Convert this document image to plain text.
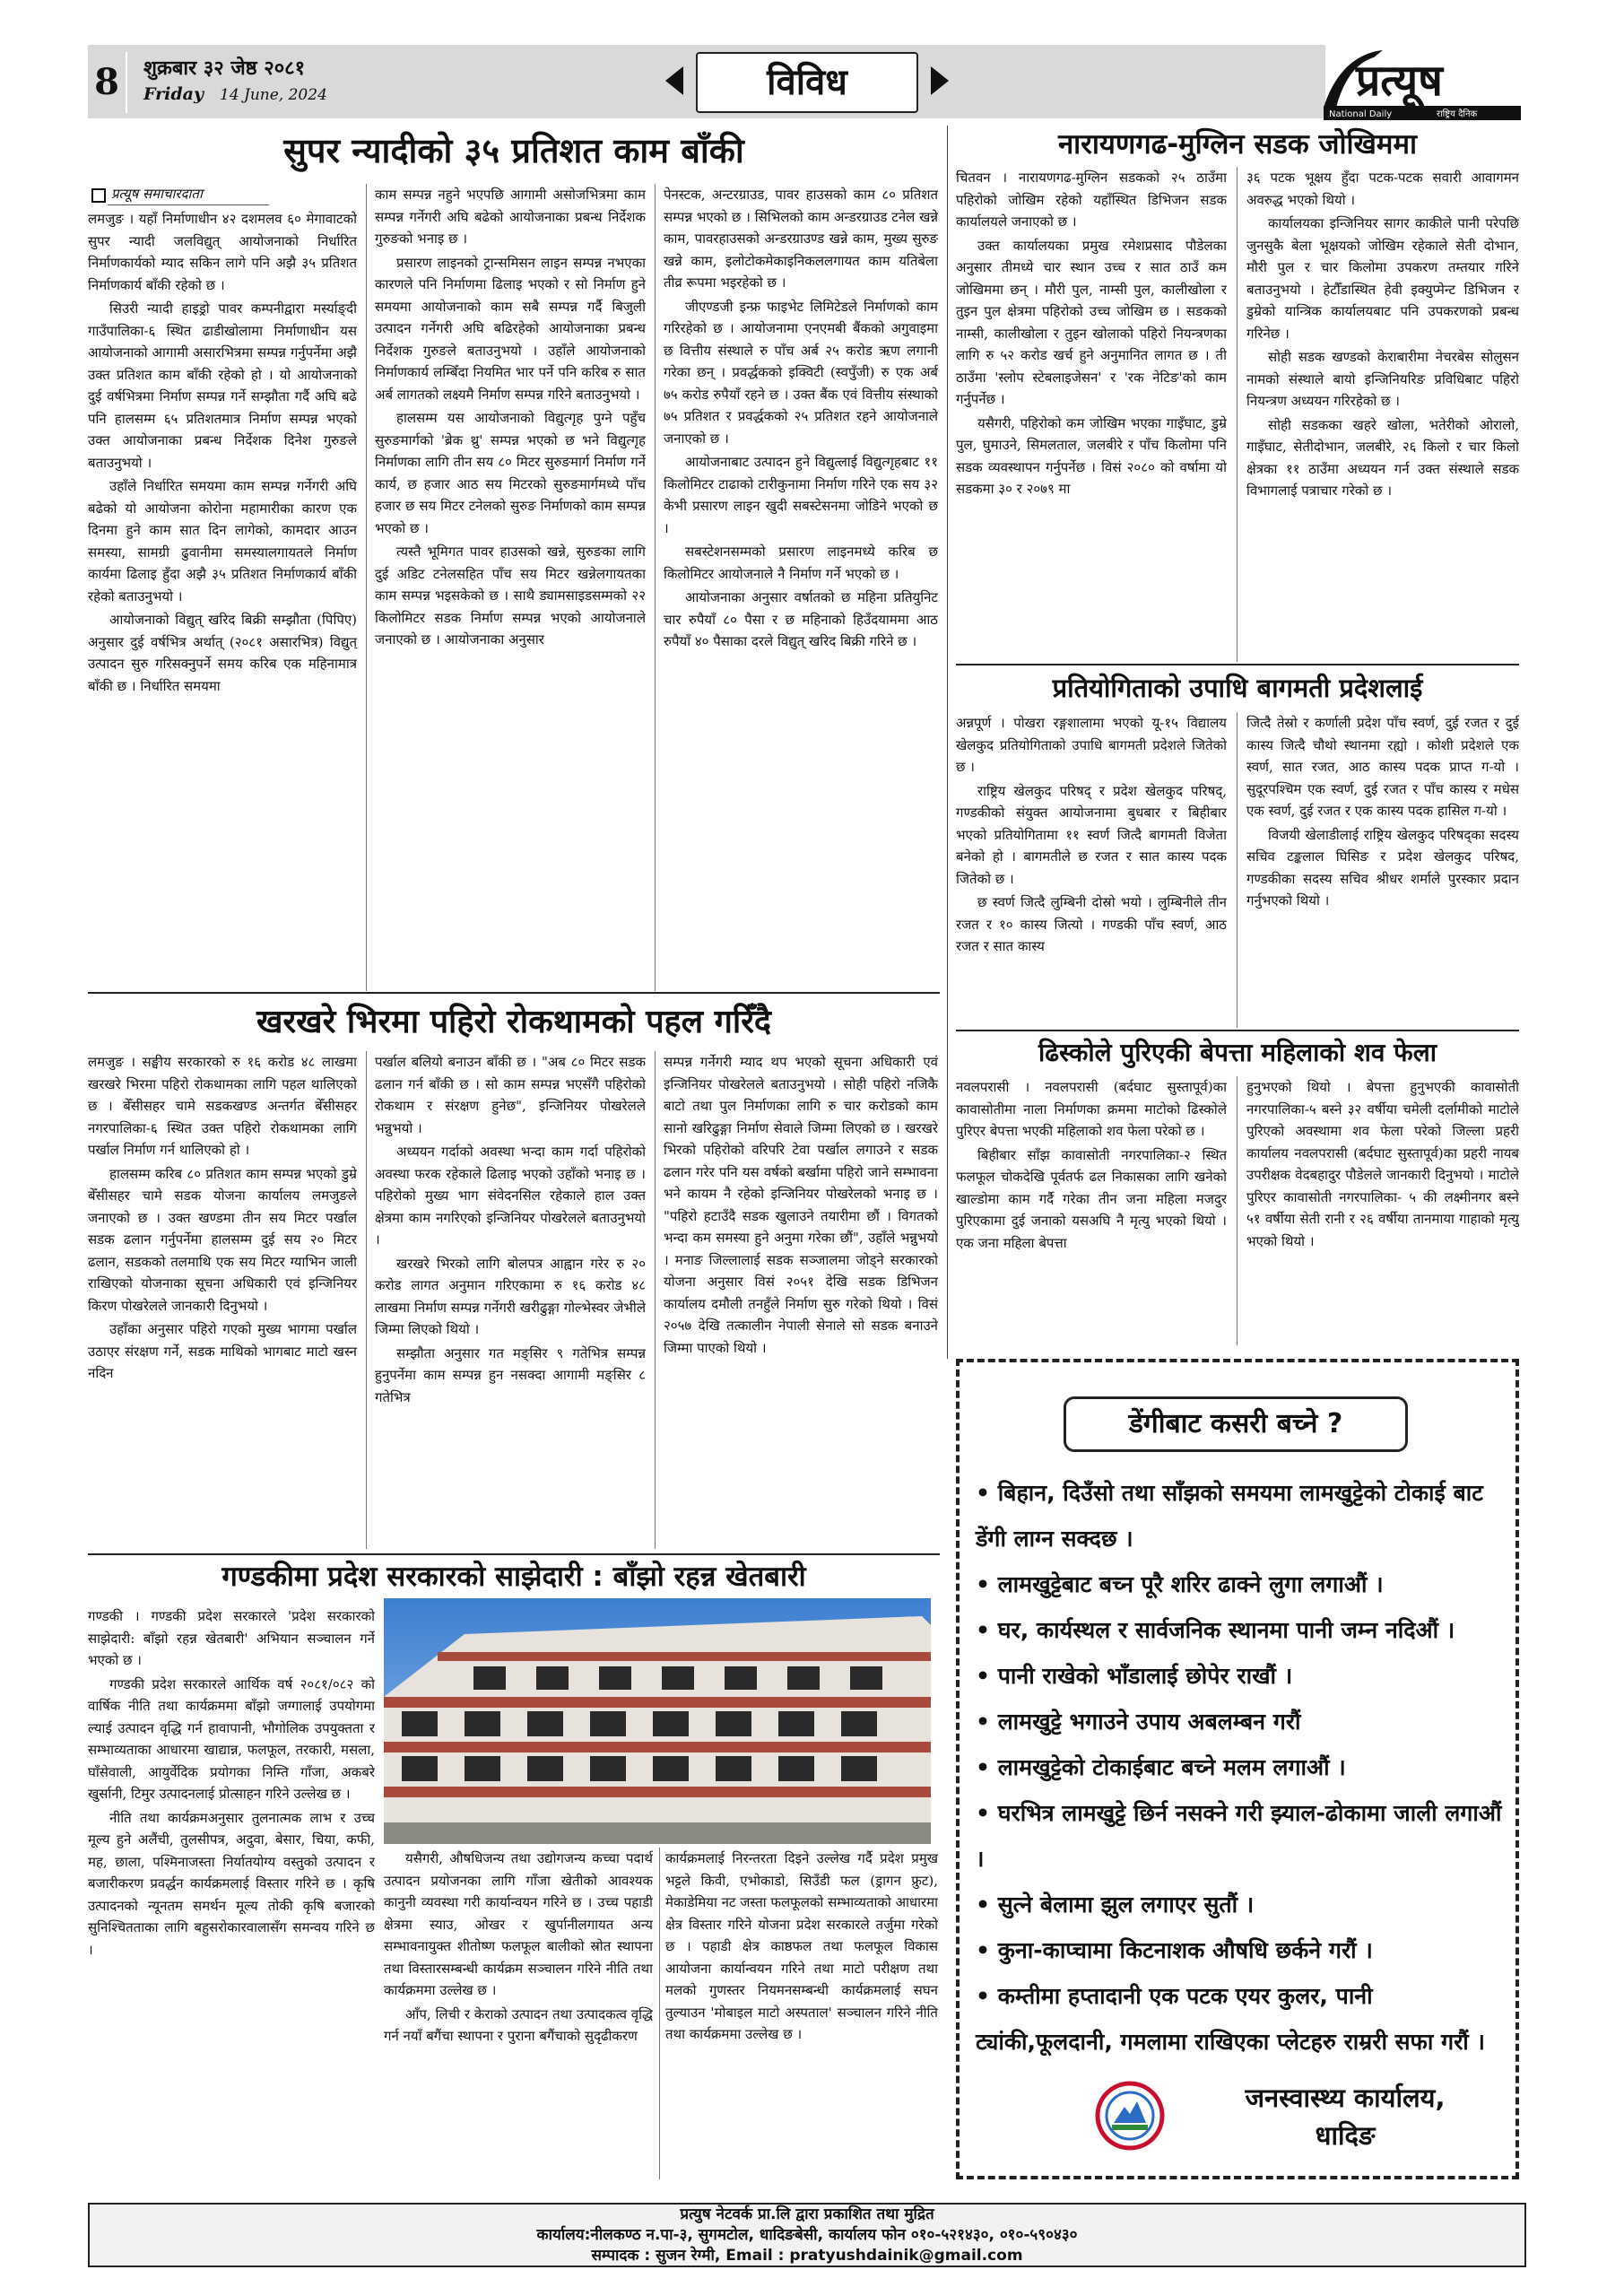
8	शुक्रबार ३२ जेष्ठ २०८१
Friday 14 June, 2024	विविध	प्रत्यूष
National Daily	राष्ट्रिय दैनिक
सुपर न्यादीको ३५ प्रतिशत काम बाँकी
प्रत्यूष समाचारदाता

लमजुङ । यहाँ निर्माणाधीन ४२ दशमलव ६० मेगावाटको सुपर न्यादी जलविद्युत् आयोजनाको निर्धारित निर्माणकार्यको म्याद सकिन लागे पनि अझै ३५ प्रतिशत निर्माणकार्य बाँकी रहेको छ ।

सिउरी न्यादी हाइड्रो पावर कम्पनीद्वारा मर्स्याङ्दी गाउँपालिका-६ स्थित ढाडीखोलामा निर्माणाधीन यस आयोजनाको आगामी असारभित्रमा सम्पन्न गर्नुपर्नेमा अझै उक्त प्रतिशत काम बाँकी रहेको हो । यो आयोजनाको दुई वर्षभित्रमा निर्माण सम्पन्न गर्ने सम्झौता गर्दै अघि बढे पनि हालसम्म ६५ प्रतिशतमात्र निर्माण सम्पन्न भएको उक्त आयोजनाका प्रबन्ध निर्देशक दिनेश गुरुङले बताउनुभयो ।

उहाँले निर्धारित समयमा काम सम्पन्न गर्नेगरी अघि बढेको यो आयोजना कोरोना महामारीका कारण एक दिनमा हुने काम सात दिन लागेको, कामदार आउन समस्या, सामग्री ढुवानीमा समस्यालगायतले निर्माण कार्यमा ढिलाइ हुँदा अझै ३५ प्रतिशत निर्माणकार्य बाँकी रहेको बताउनुभयो ।

आयोजनाको विद्युत् खरिद बिक्री सम्झौता (पिपिए) अनुसार दुई वर्षभित्र अर्थात् (२०८१ असारभित्र) विद्युत् उत्पादन सुरु गरिसक्नुपर्ने समय करिब एक महिनामात्र बाँकी छ । निर्धारित समयमा

काम सम्पन्न नहुने भएपछि आगामी असोजभित्रमा काम सम्पन्न गर्नेगरी अघि बढेको आयोजनाका प्रबन्ध निर्देशक गुरुङको भनाइ छ ।

प्रसारण लाइनको ट्रान्समिसन लाइन सम्पन्न नभएका कारणले पनि निर्माणमा ढिलाइ भएको र सो निर्माण हुने समयमा आयोजनाको काम सबै सम्पन्न गर्दै बिजुली उत्पादन गर्नेगरी अघि बढिरहेको आयोजनाका प्रबन्ध निर्देशक गुरुङले बताउनुभयो । उहाँले आयोजनाको निर्माणकार्य लम्बिँदा नियमित भार पर्ने पनि करिब रु सात अर्ब लागतको लक्ष्यमै निर्माण सम्पन्न गरिने बताउनुभयो ।

हालसम्म यस आयोजनाको विद्युत्गृह पुग्ने पहुँच सुरुङमार्गको 'ब्रेक थ्रु' सम्पन्न भएको छ भने विद्युत्गृह निर्माणका लागि तीन सय ८० मिटर सुरुङमार्ग निर्माण गर्ने कार्य, छ हजार आठ सय मिटरको सुरुङमार्गमध्ये पाँच हजार छ सय मिटर टनेलको सुरुङ निर्माणको काम सम्पन्न भएको छ ।

त्यस्तै भूमिगत पावर हाउसको खन्ने, सुरुङका लागि दुई अडिट टनेलसहित पाँच सय मिटर खन्नेलगायतका काम सम्पन्न भइसकेको छ । साथै ड्यामसाइडसम्मको २२ किलोमिटर सडक निर्माण सम्पन्न भएको आयोजनाले जनाएको छ । आयोजनाका अनुसार

पेनस्टक, अन्टरग्राउड, पावर हाउसको काम ८० प्रतिशत सम्पन्न भएको छ । सिभिलको काम अन्डरग्राउड टनेल खन्ने काम, पावरहाउसको अन्डरग्राउण्ड खन्ने काम, मुख्य सुरुङ खन्ने काम, इलोटोकमेकाइनिकललगायत काम यतिबेला तीव्र रूपमा भइरहेको छ ।

जीएण्डजी इन्फ्र फाइभेट लिमिटेडले निर्माणको काम गरिरहेको छ । आयोजनामा एनएमबी बैंकको अगुवाइमा छ वित्तीय संस्थाले रु पाँच अर्ब २५ करोड ऋण लगानी गरेका छन् । प्रवर्द्धकको इक्विटी (स्वपुँजी) रु एक अर्ब ७५ करोड रुपैयाँ रहने छ । उक्त बैंक एवं वित्तीय संस्थाको ७५ प्रतिशत र प्रवर्द्धकको २५ प्रतिशत रहने आयोजनाले जनाएको छ ।

आयोजनाबाट उत्पादन हुने विद्युत्लाई विद्युत्गृहबाट ११ किलोमिटर टाढाको टारीकुनामा निर्माण गरिने एक सय ३२ केभी प्रसारण लाइन खुदी सबस्टेसनमा जोडिने भएको छ ।

सबस्टेशनसम्मको प्रसारण लाइनमध्ये करिब छ किलोमिटर आयोजनाले नै निर्माण गर्ने भएको छ ।

आयोजनाका अनुसार वर्षातको छ महिना प्रतियुनिट चार रुपैयाँ ८० पैसा र छ महिनाको हिउँदयाममा आठ रुपैयाँ ४० पैसाका दरले विद्युत् खरिद बिक्री गरिने छ ।

खरखरे भिरमा पहिरो रोकथामको पहल गरिँदै

लमजुङ । सङ्घीय सरकारको रु १६ करोड ४८ लाखमा खरखरे भिरमा पहिरो रोकथामका लागि पहल थालिएको छ । बेँसीसहर चामे सडकखण्ड अन्तर्गत बेँसीसहर नगरपालिका-६ स्थित उक्त पहिरो रोकथामका लागि पर्खाल निर्माण गर्न थालिएको हो ।

हालसम्म करिब ८० प्रतिशत काम सम्पन्न भएको डुम्रे बेँसीसहर चामे सडक योजना कार्यालय लमजुङले जनाएको छ । उक्त खण्डमा तीन सय मिटर पर्खाल सडक ढलान गर्नुपर्नेमा हालसम्म दुई सय २० मिटर ढलान, सडकको तलमाथि एक सय मिटर ग्याभिन जाली राखिएको योजनाका सूचना अधिकारी एवं इन्जिनियर किरण पोखरेलले जानकारी दिनुभयो ।

उहाँका अनुसार पहिरो गएको मुख्य भागमा पर्खाल उठाएर संरक्षण गर्ने, सडक माथिको भागबाट माटो खस्न नदिन

पर्खाल बलियो बनाउन बाँकी छ । "अब ८० मिटर सडक ढलान गर्न बाँकी छ । सो काम सम्पन्न भएसँगै पहिरोको रोकथाम र संरक्षण हुनेछ", इन्जिनियर पोखरेलले भन्नुभयो ।

अध्ययन गर्दाको अवस्था भन्दा काम गर्दा पहिरोको अवस्था फरक रहेकाले ढिलाइ भएको उहाँको भनाइ छ । पहिरोको मुख्य भाग संवेदनसिल रहेकाले हाल उक्त क्षेत्रमा काम नगरिएको इन्जिनियर पोखरेलले बताउनुभयो ।

खरखरे भिरको लागि बोलपत्र आह्वान गरेर रु २० करोड लागत अनुमान गरिएकामा रु १६ करोड ४८ लाखमा निर्माण सम्पन्न गर्नेगरी खरीढुङ्गा गोल्भेस्वर जेभीले जिम्मा लिएको थियो ।

सम्झौता अनुसार गत मङ्सिर ९ गतेभित्र सम्पन्न हुनुपर्नेमा काम सम्पन्न हुन नसक्दा आगामी मङ्सिर ८ गतेभित्र

सम्पन्न गर्नेगरी म्याद थप भएको सूचना अधिकारी एवं इन्जिनियर पोखरेलले बताउनुभयो । सोही पहिरो नजिकै बाटो तथा पुल निर्माणका लागि रु चार करोडको काम सानो खरिढुङ्गा निर्माण सेवाले जिम्मा लिएको छ । खरखरे भिरको पहिरोको वरिपरि टेवा पर्खाल लगाउने र सडक ढलान गरेर पनि यस वर्षको बर्खामा पहिरो जाने सम्भावना भने कायम नै रहेको इन्जिनियर पोखरेलको भनाइ छ । "पहिरो हटाउँदै सडक खुलाउने तयारीमा छौं । विगतको भन्दा कम समस्या हुने अनुमा गरेका छौं", उहाँले भन्नुभयो । मनाङ जिल्लालाई सडक सञ्जालमा जोड्ने सरकारको योजना अनुसार विसं २०५१ देखि सडक डिभिजन कार्यालय दमौली तनहुँले निर्माण सुरु गरेको थियो । विसं २०५७ देखि तत्कालीन नेपाली सेनाले सो सडक बनाउने जिम्मा पाएको थियो ।

गण्डकीमा प्रदेश सरकारको साझेदारी : बाँझो रहन्न खेतबारी

गण्डकी । गण्डकी प्रदेश सरकारले 'प्रदेश सरकारको साझेदारी: बाँझो रहन्न खेतबारी' अभियान सञ्चालन गर्ने भएको छ ।

गण्डकी प्रदेश सरकारले आर्थिक वर्ष २०८१/०८२ को वार्षिक नीति तथा कार्यक्रममा बाँझो जग्गालाई उपयोगमा ल्याई उत्पादन वृद्धि गर्न हावापानी, भौगोलिक उपयुक्तता र सम्भाव्यताका आधारमा खाद्यान्न, फलफूल, तरकारी, मसला, घाँसेवाली, आयुर्वेदिक प्रयोगका निम्ति गाँजा, अकबरे खुर्सानी, टिमुर उत्पादनलाई प्रोत्साहन गरिने उल्लेख छ ।

नीति तथा कार्यक्रमअनुसार तुलनात्मक लाभ र उच्च मूल्य हुने अलैंची, तुलसीपत्र, अदुवा, बेसार, चिया, कफी, मह, छाला, पश्मिनाजस्ता निर्यातयोग्य वस्तुको उत्पादन र बजारीकरण प्रवर्द्धन कार्यक्रमलाई विस्तार गरिने छ । कृषि उत्पादनको न्यूनतम समर्थन मूल्य तोकी कृषि बजारको सुनिश्चितताका लागि बहुसरोकारवालासँग समन्वय गरिने छ ।

यसैगरी, औषधिजन्य तथा उद्योगजन्य कच्चा पदार्थ उत्पादन प्रयोजनका लागि गाँजा खेतीको आवश्यक कानुनी व्यवस्था गरी कार्यान्वयन गरिने छ । उच्च पहाडी क्षेत्रमा स्याउ, ओखर र खुर्पानीलगायत अन्य सम्भावनायुक्त शीतोष्ण फलफूल बालीको स्रोत स्थापना तथा विस्तारसम्बन्धी कार्यक्रम सञ्चालन गरिने नीति तथा कार्यक्रममा उल्लेख छ ।

आँप, लिची र केराको उत्पादन तथा उत्पादकत्व वृद्धि गर्न नयाँ बगैंचा स्थापना र पुराना बगैंचाको सुदृढीकरण

कार्यक्रमलाई निरन्तरता दिइने उल्लेख गर्दै प्रदेश प्रमुख भट्टले किवी, एभोकाडो, सिउँडी फल (ड्रागन फ्रुट), मेकाडेमिया नट जस्ता फलफूलको सम्भाव्यताको आधारमा क्षेत्र विस्तार गरिने योजना प्रदेश सरकारले तर्जुमा गरेको छ । पहाडी क्षेत्र काष्ठफल तथा फलफूल विकास आयोजना कार्यान्वयन गरिने तथा माटो परीक्षण तथा मलको गुणस्तर नियमनसम्बन्धी कार्यक्रमलाई सघन तुल्याउन 'मोबाइल माटो अस्पताल' सञ्चालन गरिने नीति तथा कार्यक्रममा उल्लेख छ ।

नारायणगढ-मुग्लिन सडक जोखिममा

चितवन । नारायणगढ-मुग्लिन सडकको २५ ठाउँमा पहिरोको जोखिम रहेको यहाँस्थित डिभिजन सडक कार्यालयले जनाएको छ ।

उक्त कार्यालयका प्रमुख रमेशप्रसाद पौडेलका अनुसार तीमध्ये चार स्थान उच्च र सात ठाउँ कम जोखिममा छन् । मौरी पुल, नाम्सी पुल, कालीखोला र तुइन पुल क्षेत्रमा पहिरोको उच्च जोखिम छ । सडकको नाम्सी, कालीखोला र तुइन खोलाको पहिरो नियन्त्रणका लागि रु ५२ करोड खर्च हुने अनुमानित लागत छ । ती ठाउँमा 'स्लोप स्टेबलाइजेसन' र 'रक नेटिङ'को काम गर्नुपर्नेछ ।

यसैगरी, पहिरोको कम जोखिम भएका गाइँघाट, डुम्रे पुल, घुमाउने, सिमलताल, जलबीरे र पाँच किलोमा पनि सडक व्यवस्थापन गर्नुपर्नेछ । विसं २०८० को वर्षामा यो सडकमा ३० र २०७९ मा

३६ पटक भूक्षय हुँदा पटक-पटक सवारी आवागमन अवरुद्ध भएको थियो ।

कार्यालयका इन्जिनियर सागर काकीले पानी परेपछि जुनसुकै बेला भूक्षयको जोखिम रहेकाले सेती दोभान, मौरी पुल र चार किलोमा उपकरण तम्तयार गरिने बताउनुभयो । हेटौँडास्थित हेवी इक्युप्मेन्ट डिभिजन र डुम्रेको यान्त्रिक कार्यालयबाट पनि उपकरणको प्रबन्ध गरिनेछ ।

सोही सडक खण्डको केराबारीमा नेचरबेस सोलुसन नामको संस्थाले बायो इन्जिनियरिङ प्रविधिबाट पहिरो नियन्त्रण अध्ययन गरिरहेको छ ।

सोही सडकका खहरे खोला, भतेरीको ओरालो, गाइँघाट, सेतीदोभान, जलबीरे, २६ किलो र चार किलो क्षेत्रका ११ ठाउँमा अध्ययन गर्न उक्त संस्थाले सडक विभागलाई पत्राचार गरेको छ ।

प्रतियोगिताको उपाधि बागमती प्रदेशलाई

अन्नपूर्ण । पोखरा रङ्गशालामा भएको यू-१५ विद्यालय खेलकुद प्रतियोगिताको उपाधि बागमती प्रदेशले जितेको छ ।

राष्ट्रिय खेलकुद परिषद् र प्रदेश खेलकुद परिषद्, गण्डकीको संयुक्त आयोजनामा बुधबार र बिहीबार भएको प्रतियोगितामा ११ स्वर्ण जित्दै बागमती विजेता बनेको हो । बागमतीले छ रजत र सात कास्य पदक जितेको छ ।

छ स्वर्ण जित्दै लुम्बिनी दोस्रो भयो । लुम्बिनीले तीन रजत र १० कास्य जित्यो । गण्डकी पाँच स्वर्ण, आठ रजत र सात कास्य

जित्दै तेस्रो र कर्णाली प्रदेश पाँच स्वर्ण, दुई रजत र दुई कास्य जित्दै चौथो स्थानमा रह्यो । कोशी प्रदेशले एक स्वर्ण, सात रजत, आठ कास्य पदक प्राप्त ग-यो । सुदूरपश्चिम एक स्वर्ण, दुई रजत र पाँच कास्य र मधेस एक स्वर्ण, दुई रजत र एक कास्य पदक हासिल ग-यो ।

विजयी खेलाडीलाई राष्ट्रिय खेलकुद परिषद्का सदस्य सचिव टङ्कलाल घिसिङ र प्रदेश खेलकुद परिषद, गण्डकीका सदस्य सचिव श्रीधर शर्माले पुरस्कार प्रदान गर्नुभएको थियो ।

ढिस्कोले पुरिएकी बेपत्ता महिलाको शव फेला

नवलपरासी । नवलपरासी (बर्दघाट सुस्तापूर्व)का कावासोतीमा नाला निर्माणका क्रममा माटोको ढिस्कोले पुरिएर बेपत्ता भएकी महिलाको शव फेला परेको छ ।

बिहीबार साँझ कावासोती नगरपालिका-२ स्थित फलफूल चोकदेखि पूर्वतर्फ ढल निकासका लागि खनेको खाल्डोमा काम गर्दै गरेका तीन जना महिला मजदुर पुरिएकामा दुई जनाको यसअघि नै मृत्यु भएको थियो । एक जना महिला बेपत्ता

हुनुभएको थियो । बेपत्ता हुनुभएकी कावासोती नगरपालिका-५ बस्ने ३२ वर्षीया चमेली दर्लामीको माटोले पुरिएको अवस्थामा शव फेला परेको जिल्ला प्रहरी कार्यालय नवलपरासी (बर्दघाट सुस्तापूर्व)का प्रहरी नायब उपरीक्षक वेदबहादुर पौडेलले जानकारी दिनुभयो । माटोले पुरिएर कावासोती नगरपालिका- ५ की लक्ष्मीनगर बस्ने ५१ वर्षीया सेती रानी र २६ वर्षीया तानमाया गाहाको मृत्यु भएको थियो ।

डेंगीबाट कसरी बच्ने ?
• बिहान, दिउँसो तथा साँझको समयमा लामखुट्टेको टोकाई बाट डेंगी लाग्न सक्दछ ।
• लामखुट्टेबाट बच्न पूरै शरिर ढाक्ने लुगा लगाऔं ।
• घर, कार्यस्थल र सार्वजनिक स्थानमा पानी जम्न नदिऔं ।
• पानी राखेको भाँडालाई छोपेर राखौं ।
• लामखुट्टे भगाउने उपाय अबलम्बन गरौं
• लामखुट्टेको टोकाईबाट बच्ने मलम लगाऔं ।
• घरभित्र लामखुट्टे छिर्न नसक्ने गरी झ्याल-ढोकामा जाली लगाऔं ।
• सुत्ने बेलामा झुल लगाएर सुतौं ।
• कुना-काप्चामा किटनाशक औषधि छर्कने गरौं ।
• कम्तीमा हप्तादानी एक पटक एयर कुलर, पानी ट्यांकी,फूलदानी, गमलामा राखिएका प्लेटहरु राम्ररी सफा गरौं ।
जनस्वास्थ्य कार्यालय,
धादिङ
प्रत्युष नेटवर्क प्रा.लि द्वारा प्रकाशित तथा मुद्रित
कार्यालय:नीलकण्ठ न.पा-३, सुगमटोल, धादिङबेसी, कार्यालय फोन ०१०-५२१४३०, ०१०-५९०४३०
सम्पादक : सुजन रेग्मी, Email : pratyushdainik@gmail.com
